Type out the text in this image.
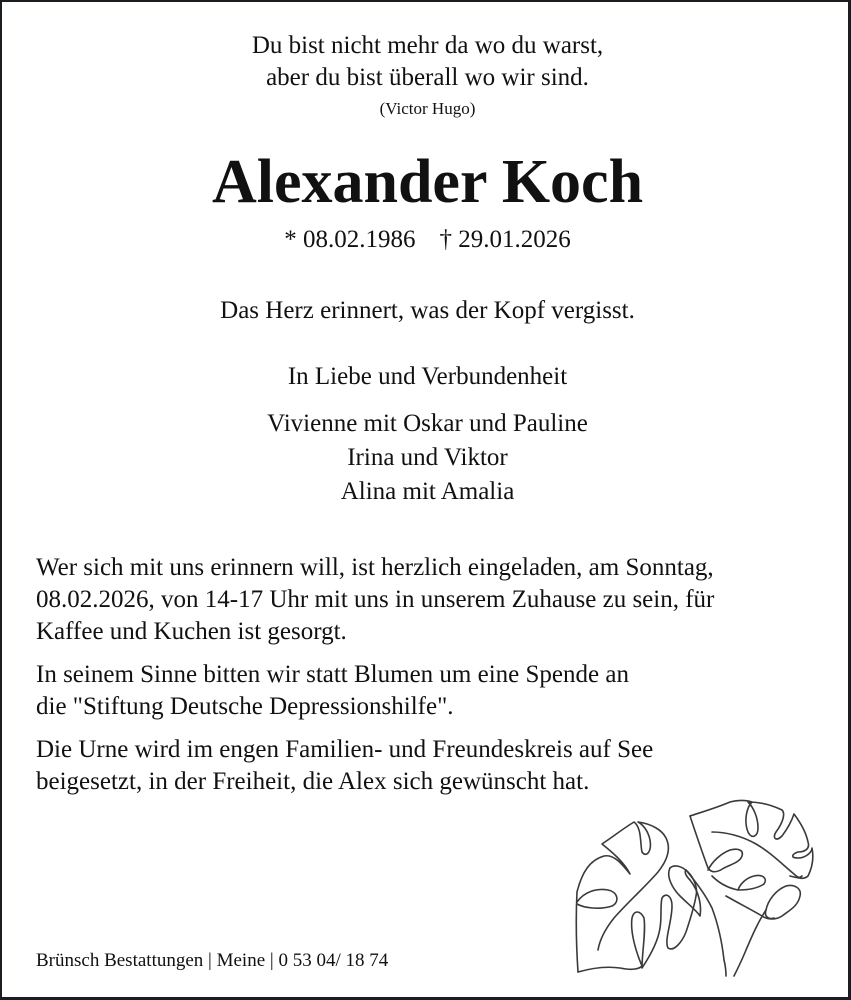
Du bist nicht mehr da wo du warst,
aber du bist überall wo wir sind.
(Victor Hugo)
Alexander Koch
* 08.02.1986 † 29.01.2026
Das Herz erinnert, was der Kopf vergisst.
In Liebe und Verbundenheit
Vivienne mit Oskar und Pauline
Irina und Viktor
Alina mit Amalia
Wer sich mit uns erinnern will, ist herzlich eingeladen, am Sonntag,
08.02.2026, von 14-17 Uhr mit uns in unserem Zuhause zu sein, für
Kaffee und Kuchen ist gesorgt.
In seinem Sinne bitten wir statt Blumen um eine Spende an
die "Stiftung Deutsche Depressionshilfe".
Die Urne wird im engen Familien- und Freundeskreis auf See
beigesetzt, in der Freiheit, die Alex sich gewünscht hat.
Brünsch Bestattungen | Meine | 0 53 04/ 18 74
